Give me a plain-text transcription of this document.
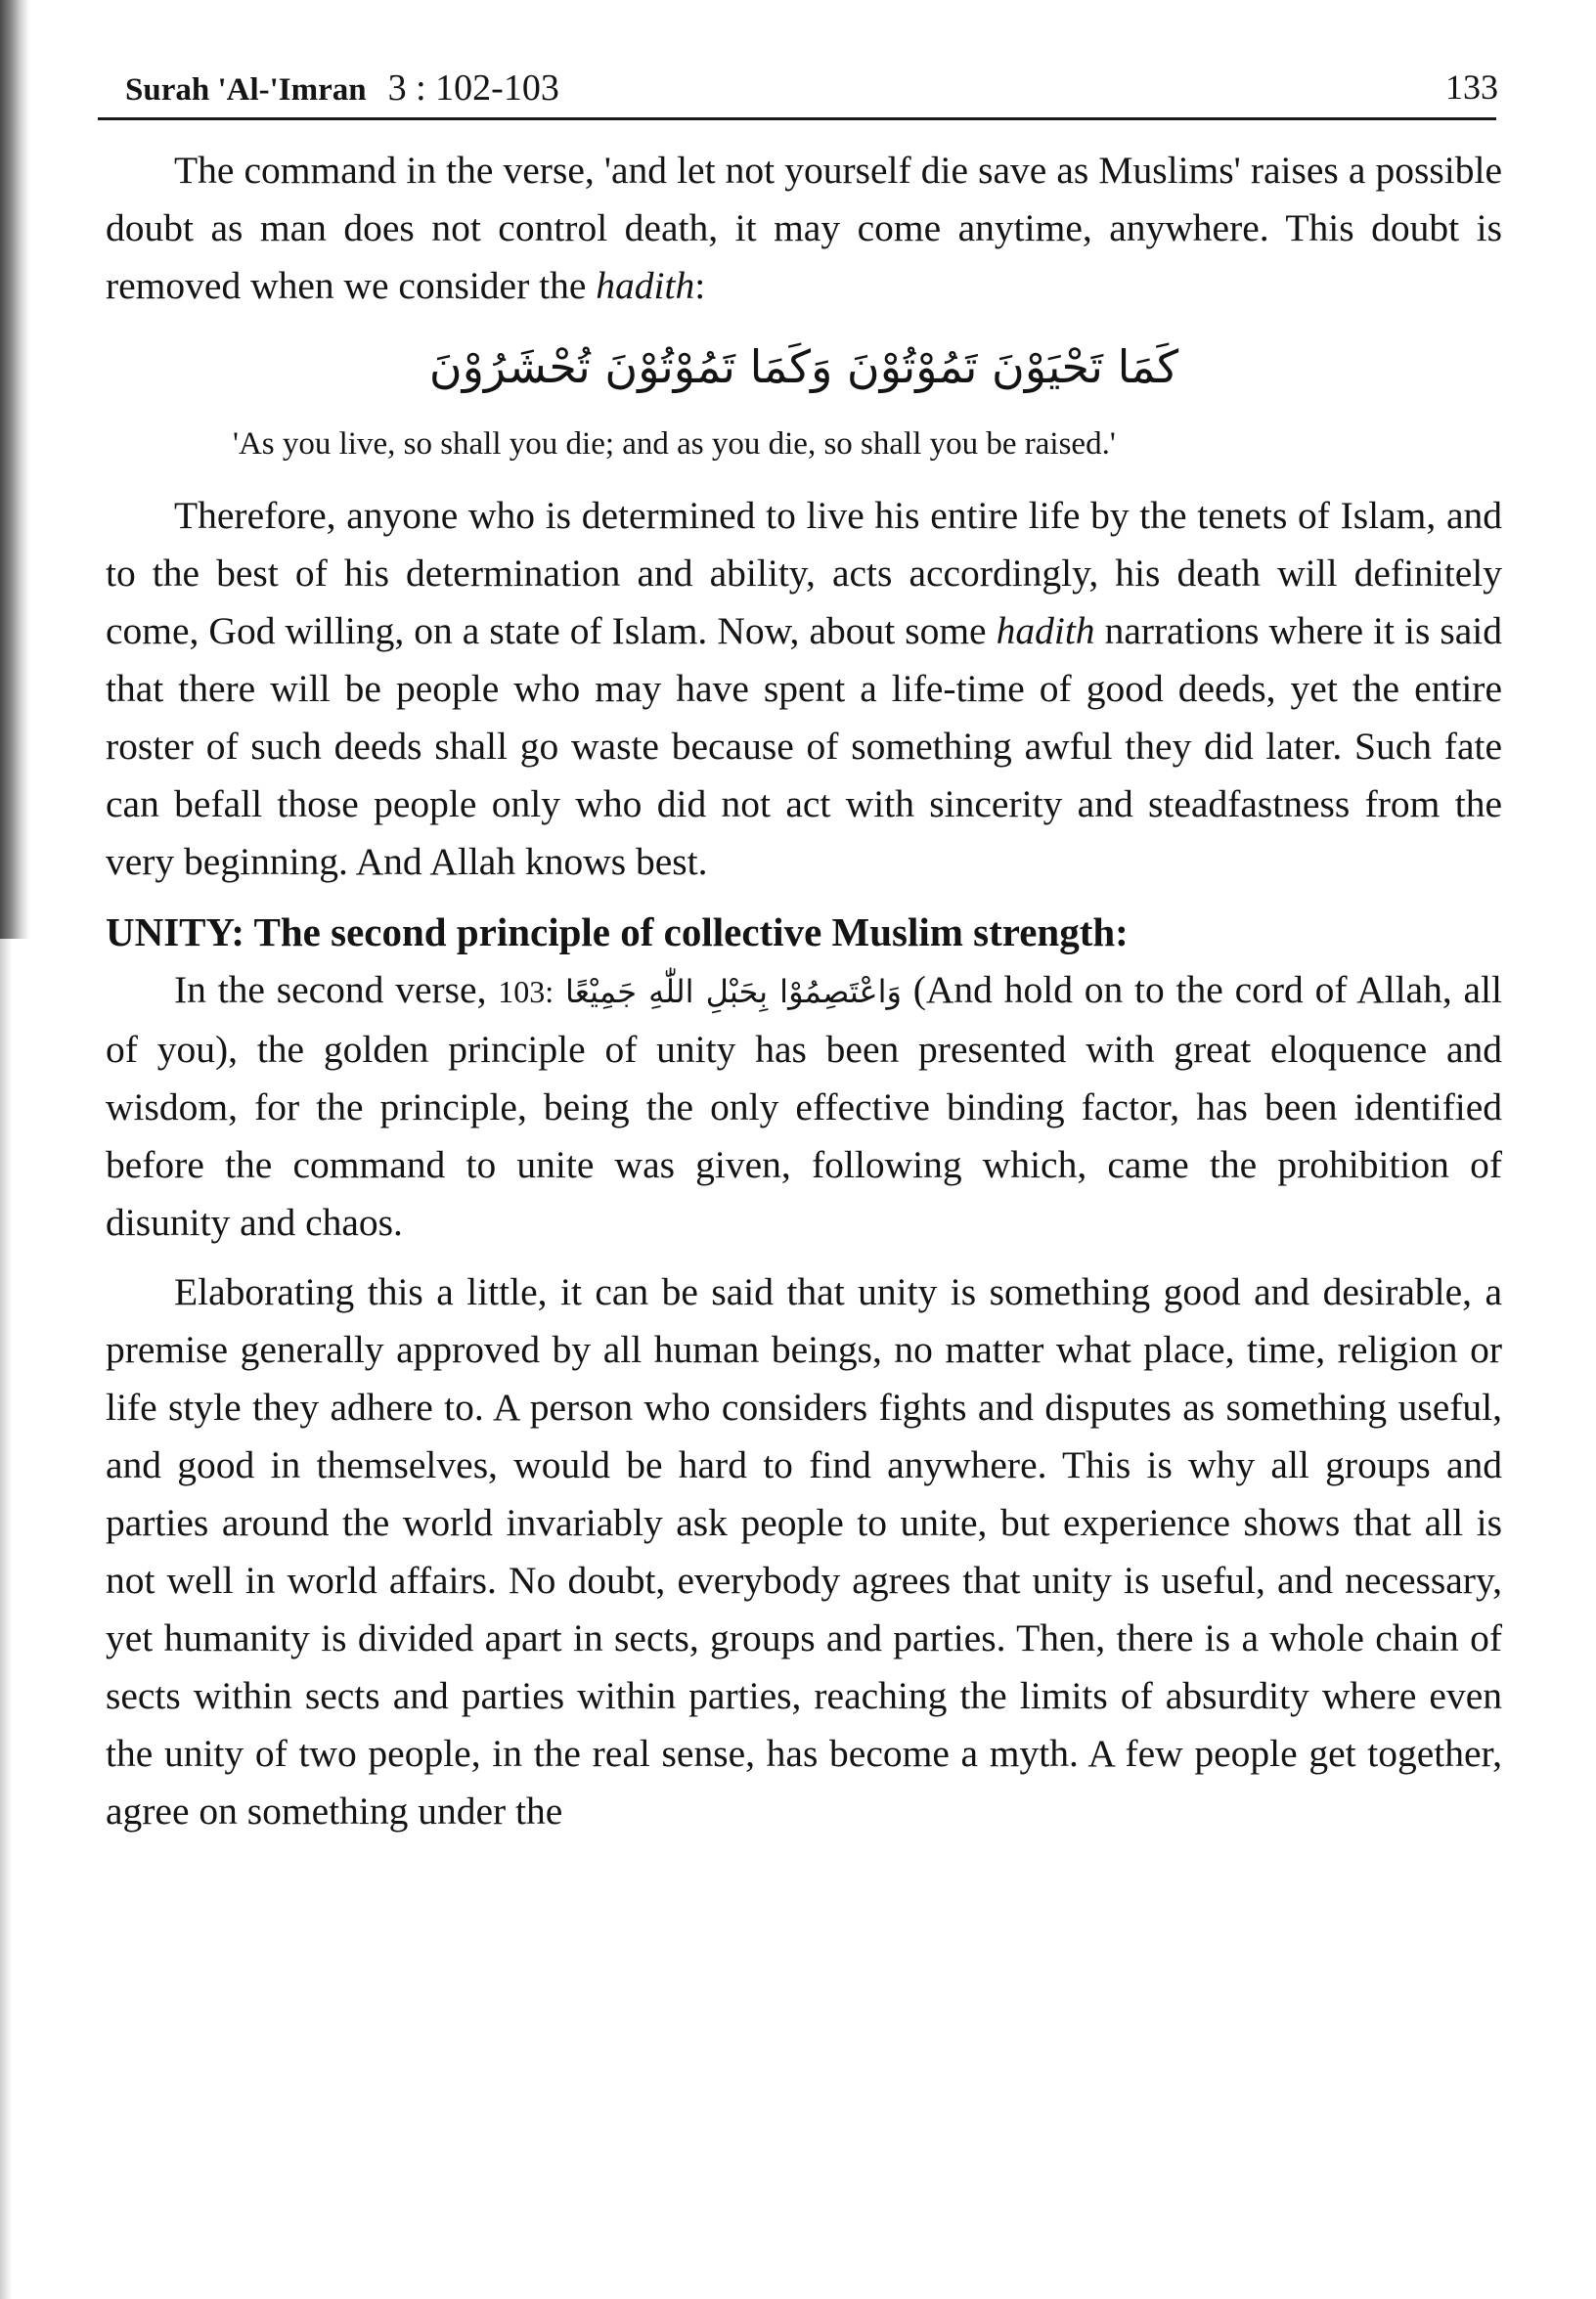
Surah 'Al-'Imran 3 : 102-103	133

The command in the verse, 'and let not yourself die save as Muslims' raises a possible doubt as man does not control death, it may come anytime, anywhere. This doubt is removed when we consider the hadith:

كَمَا تَحْيَوْنَ تَمُوْتُوْنَ وَكَمَا تَمُوْتُوْنَ تُحْشَرُوْنَ
'As you live, so shall you die; and as you die, so shall you be raised.'

Therefore, anyone who is determined to live his entire life by the tenets of Islam, and to the best of his determination and ability, acts accordingly, his death will definitely come, God willing, on a state of Islam. Now, about some hadith narrations where it is said that there will be people who may have spent a life-time of good deeds, yet the entire roster of such deeds shall go waste because of something awful they did later. Such fate can befall those people only who did not act with sincerity and steadfastness from the very beginning. And Allah knows best.

UNITY: The second principle of collective Muslim strength:

In the second verse, 103: وَاعْتَصِمُوْا بِحَبْلِ اللّٰهِ جَمِيْعًا (And hold on to the cord of Allah, all of you), the golden principle of unity has been presented with great eloquence and wisdom, for the principle, being the only effective binding factor, has been identified before the command to unite was given, following which, came the prohibition of disunity and chaos.

Elaborating this a little, it can be said that unity is something good and desirable, a premise generally approved by all human beings, no matter what place, time, religion or life style they adhere to. A person who considers fights and disputes as something useful, and good in themselves, would be hard to find anywhere. This is why all groups and parties around the world invariably ask people to unite, but experience shows that all is not well in world affairs. No doubt, everybody agrees that unity is useful, and necessary, yet humanity is divided apart in sects, groups and parties. Then, there is a whole chain of sects within sects and parties within parties, reaching the limits of absurdity where even the unity of two people, in the real sense, has become a myth. A few people get together, agree on something under the
